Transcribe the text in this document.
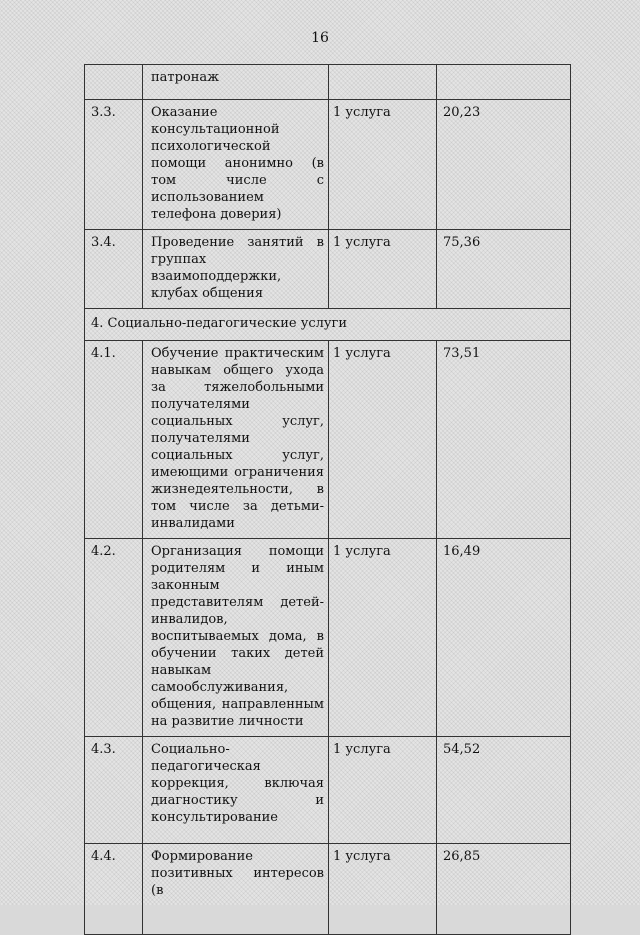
16
	патронаж		
3.3.	Оказание консультационной психологической помощи анонимно (в том числе с использованием телефона доверия)	1 услуга	20,23
3.4.	Проведение занятий в группах взаимоподдержки, клубах общения	1 услуга	75,36
4. Социально-педагогические услуги			
4.1.	Обучение практическим навыкам общего ухода за тяжелобольными получателями социальных услуг, получателями социальных услуг, имеющими ограничения жизнедеятельности, в том числе за детьми-инвалидами	1 услуга	73,51
4.2.	Организация помощи родителям и иным законным представителям детей-инвалидов, воспитываемых дома, в обучении таких детей навыкам самообслуживания, общения, направленным на развитие личности	1 услуга	16,49
4.3.	Социально-педагогическая коррекция, включая диагностику и консультирование	1 услуга	54,52
4.4.	Формирование позитивных интересов (в	1 услуга	26,85
